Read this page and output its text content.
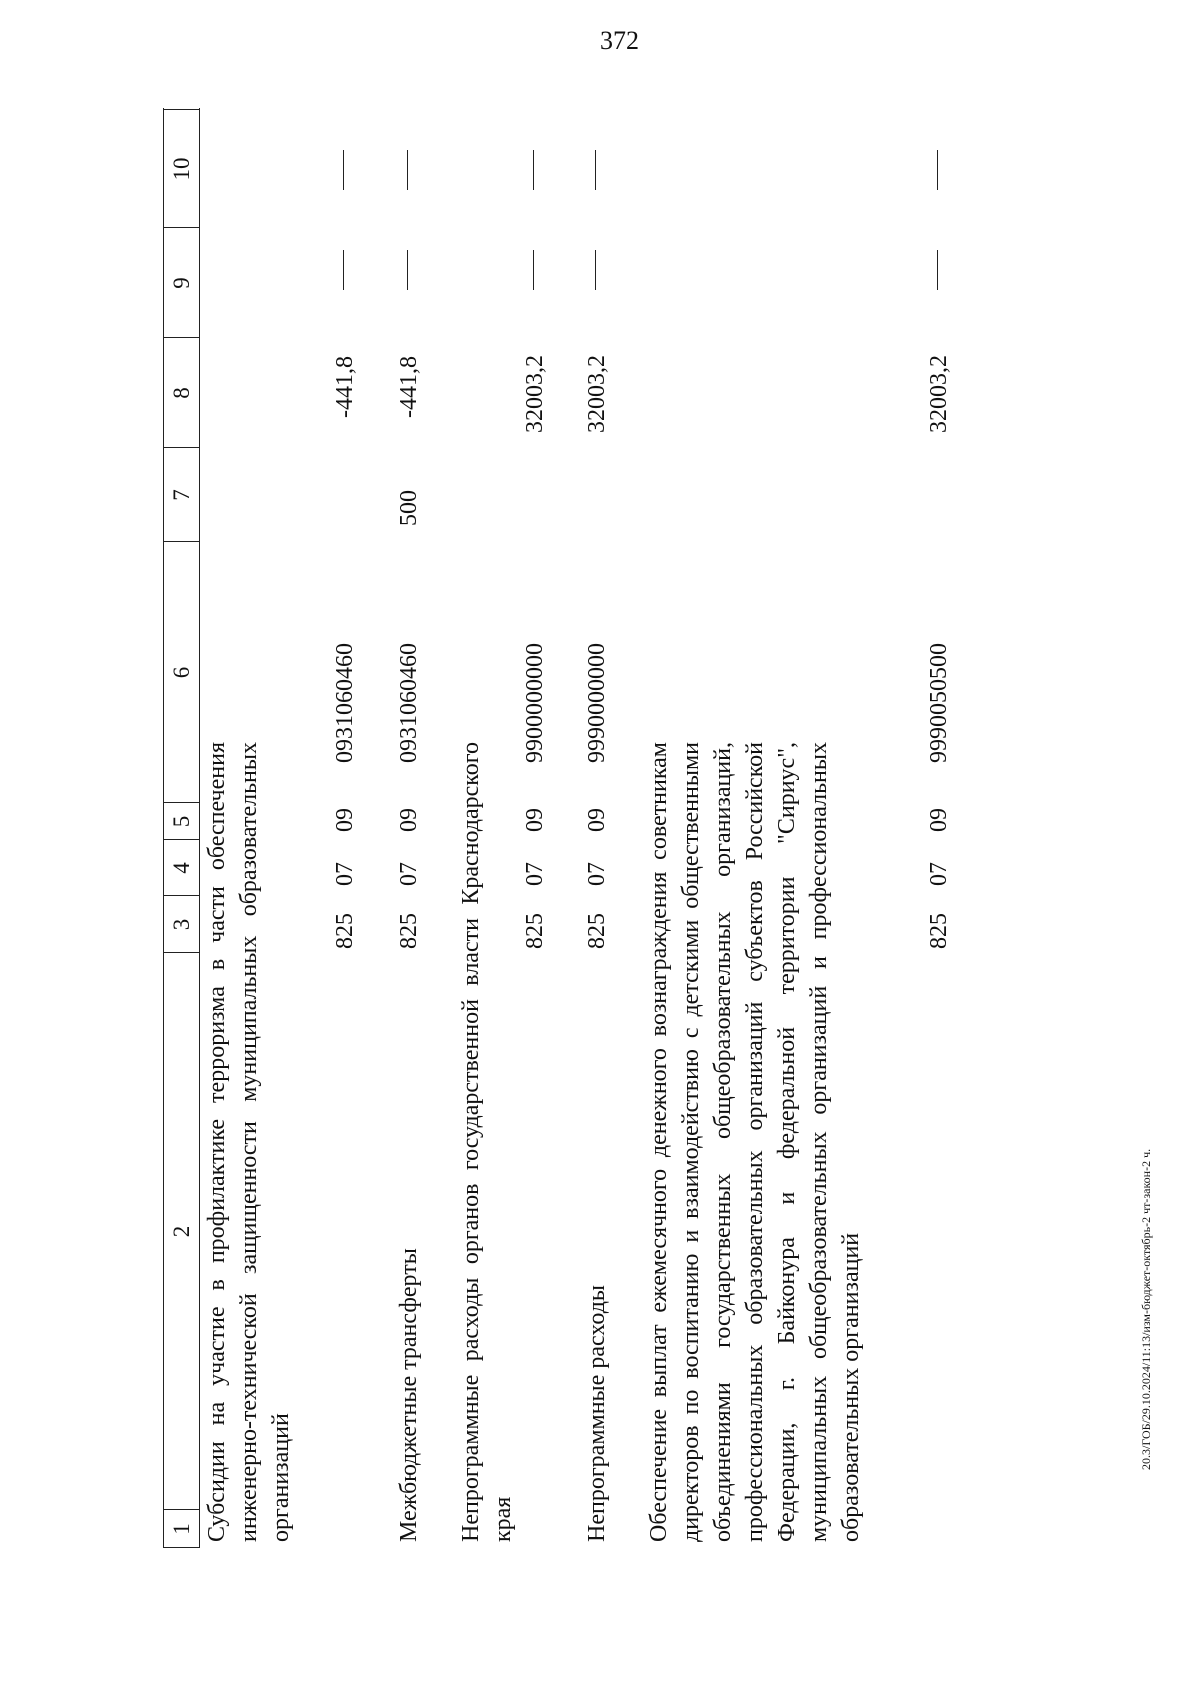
372
1
2
3
4
5
6
7
8
9
10
Субсидии на участие в профилактике терроризма в части обеспечения инженерно-технической защищенности муниципальных образовательных организаций
825
07
09
0931060460
-441,8
Межбюджетные трансферты
825
07
09
0931060460
500
-441,8
Непрограммные расходы органов государственной власти Краснодарского края
825
07
09
9900000000
32003,2
Непрограммные расходы
825
07
09
9990000000
32003,2
Обеспечение выплат ежемесячного денежного вознаграждения советникам директоров по воспитанию и взаимодействию с детскими общественными объединениями государственных общеобразовательных организаций, профессиональных образовательных организаций субъектов Российской Федерации, г. Байконура и федеральной территории "Сириус", муниципальных общеобразовательных организаций и профессиональных образовательных организаций
825
07
09
9990050500
32003,2
20.3/ГОБ/29.10.2024/11:13/изм-бюджет-октябрь-2 чт-закон-2 ч.
